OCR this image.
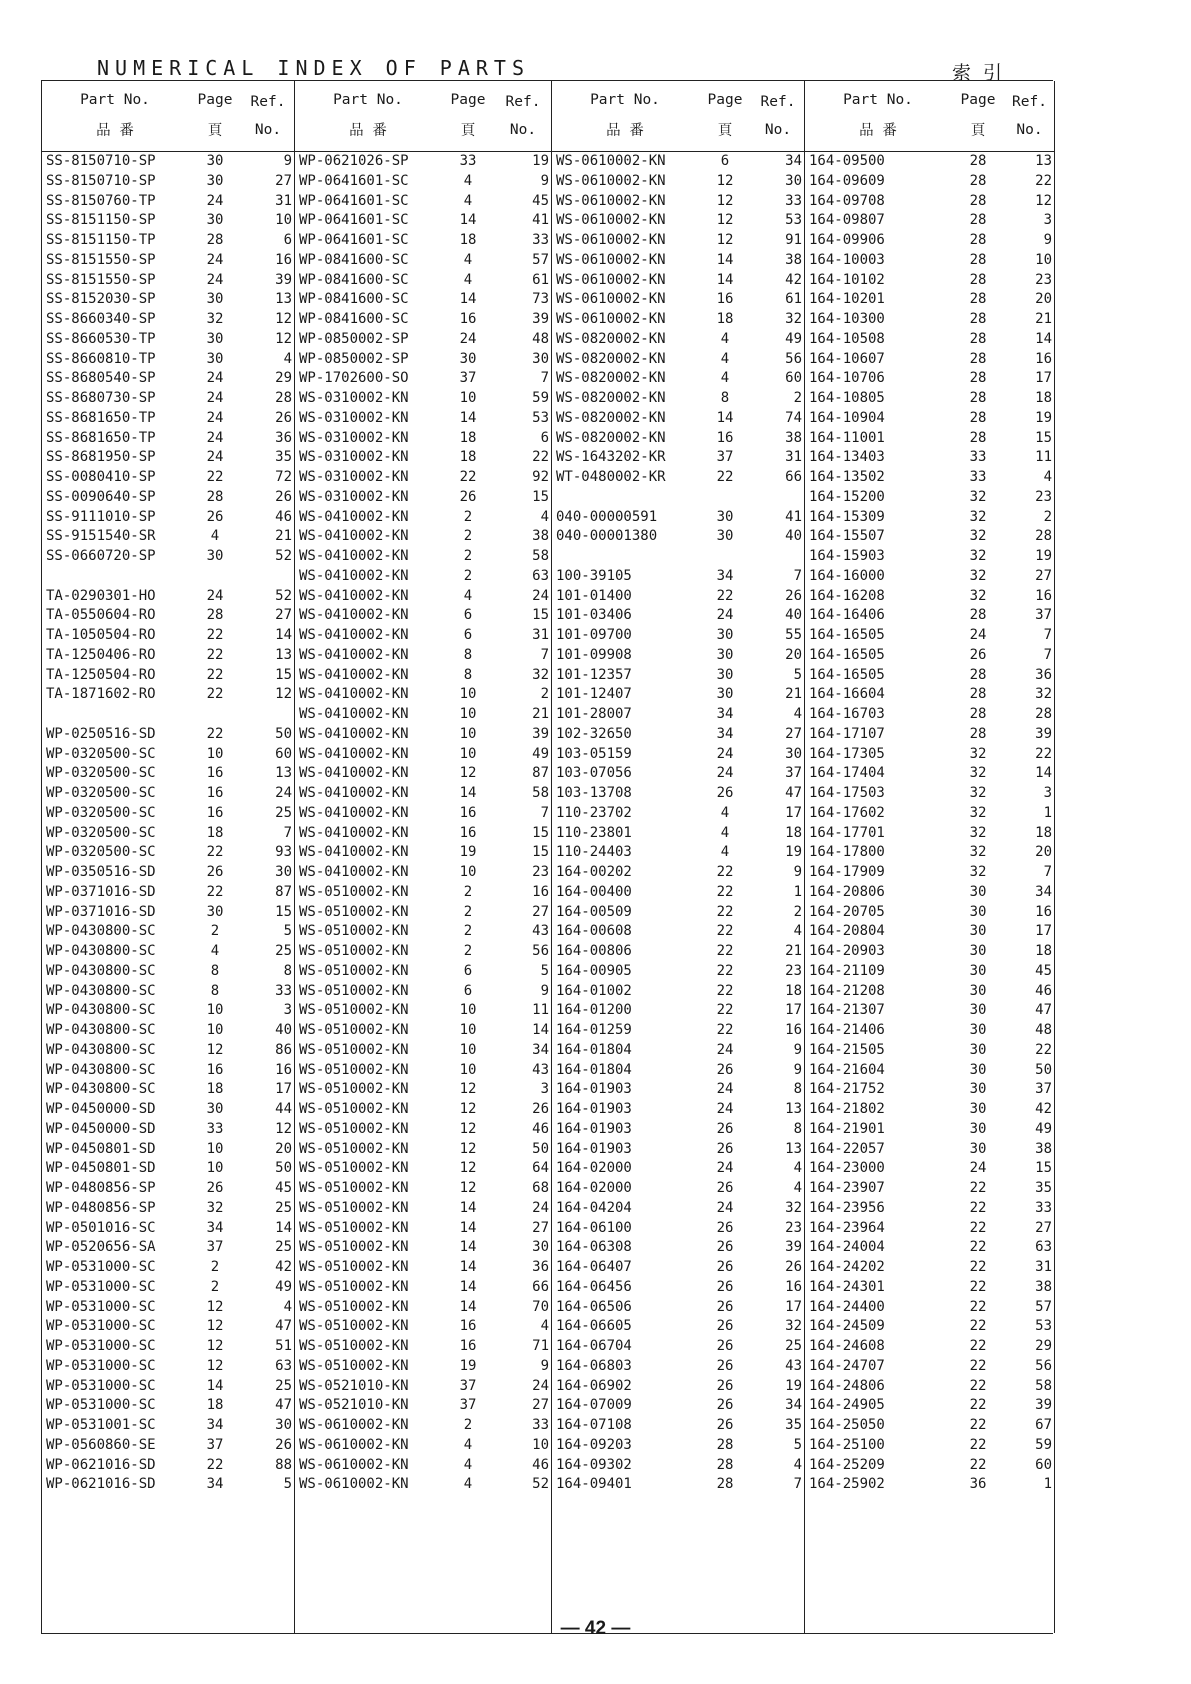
NUMERICAL INDEX OF PARTS	索引
Part No.
品 番
Page
頁
Ref.
No.
SS-8150710-SP	30	9
SS-8150710-SP	30	27
SS-8150760-TP	24	31
SS-8151150-SP	30	10
SS-8151150-TP	28	6
SS-8151550-SP	24	16
SS-8151550-SP	24	39
SS-8152030-SP	30	13
SS-8660340-SP	32	12
SS-8660530-TP	30	12
SS-8660810-TP	30	4
SS-8680540-SP	24	29
SS-8680730-SP	24	28
SS-8681650-TP	24	26
SS-8681650-TP	24	36
SS-8681950-SP	24	35
SS-0080410-SP	22	72
SS-0090640-SP	28	26
SS-9111010-SP	26	46
SS-9151540-SR	4	21
SS-0660720-SP	30	52
TA-0290301-HO	24	52
TA-0550604-RO	28	27
TA-1050504-RO	22	14
TA-1250406-RO	22	13
TA-1250504-RO	22	15
TA-1871602-RO	22	12
WP-0250516-SD	22	50
WP-0320500-SC	10	60
WP-0320500-SC	16	13
WP-0320500-SC	16	24
WP-0320500-SC	16	25
WP-0320500-SC	18	7
WP-0320500-SC	22	93
WP-0350516-SD	26	30
WP-0371016-SD	22	87
WP-0371016-SD	30	15
WP-0430800-SC	2	5
WP-0430800-SC	4	25
WP-0430800-SC	8	8
WP-0430800-SC	8	33
WP-0430800-SC	10	3
WP-0430800-SC	10	40
WP-0430800-SC	12	86
WP-0430800-SC	16	16
WP-0430800-SC	18	17
WP-0450000-SD	30	44
WP-0450000-SD	33	12
WP-0450801-SD	10	20
WP-0450801-SD	10	50
WP-0480856-SP	26	45
WP-0480856-SP	32	25
WP-0501016-SC	34	14
WP-0520656-SA	37	25
WP-0531000-SC	2	42
WP-0531000-SC	2	49
WP-0531000-SC	12	4
WP-0531000-SC	12	47
WP-0531000-SC	12	51
WP-0531000-SC	12	63
WP-0531000-SC	14	25
WP-0531000-SC	18	47
WP-0531001-SC	34	30
WP-0560860-SE	37	26
WP-0621016-SD	22	88
WP-0621016-SD	34	5
Part No.
品 番
Page
頁
Ref.
No.
WP-0621026-SP	33	19
WP-0641601-SC	4	9
WP-0641601-SC	4	45
WP-0641601-SC	14	41
WP-0641601-SC	18	33
WP-0841600-SC	4	57
WP-0841600-SC	4	61
WP-0841600-SC	14	73
WP-0841600-SC	16	39
WP-0850002-SP	24	48
WP-0850002-SP	30	30
WP-1702600-SO	37	7
WS-0310002-KN	10	59
WS-0310002-KN	14	53
WS-0310002-KN	18	6
WS-0310002-KN	18	22
WS-0310002-KN	22	92
WS-0310002-KN	26	15
WS-0410002-KN	2	4
WS-0410002-KN	2	38
WS-0410002-KN	2	58
WS-0410002-KN	2	63
WS-0410002-KN	4	24
WS-0410002-KN	6	15
WS-0410002-KN	6	31
WS-0410002-KN	8	7
WS-0410002-KN	8	32
WS-0410002-KN	10	2
WS-0410002-KN	10	21
WS-0410002-KN	10	39
WS-0410002-KN	10	49
WS-0410002-KN	12	87
WS-0410002-KN	14	58
WS-0410002-KN	16	7
WS-0410002-KN	16	15
WS-0410002-KN	19	15
WS-0410002-KN	10	23
WS-0510002-KN	2	16
WS-0510002-KN	2	27
WS-0510002-KN	2	43
WS-0510002-KN	2	56
WS-0510002-KN	6	5
WS-0510002-KN	6	9
WS-0510002-KN	10	11
WS-0510002-KN	10	14
WS-0510002-KN	10	34
WS-0510002-KN	10	43
WS-0510002-KN	12	3
WS-0510002-KN	12	26
WS-0510002-KN	12	46
WS-0510002-KN	12	50
WS-0510002-KN	12	64
WS-0510002-KN	12	68
WS-0510002-KN	14	24
WS-0510002-KN	14	27
WS-0510002-KN	14	30
WS-0510002-KN	14	36
WS-0510002-KN	14	66
WS-0510002-KN	14	70
WS-0510002-KN	16	4
WS-0510002-KN	16	71
WS-0510002-KN	19	9
WS-0521010-KN	37	24
WS-0521010-KN	37	27
WS-0610002-KN	2	33
WS-0610002-KN	4	10
WS-0610002-KN	4	46
WS-0610002-KN	4	52
Part No.
品 番
Page
頁
Ref.
No.
WS-0610002-KN	6	34
WS-0610002-KN	12	30
WS-0610002-KN	12	33
WS-0610002-KN	12	53
WS-0610002-KN	12	91
WS-0610002-KN	14	38
WS-0610002-KN	14	42
WS-0610002-KN	16	61
WS-0610002-KN	18	32
WS-0820002-KN	4	49
WS-0820002-KN	4	56
WS-0820002-KN	4	60
WS-0820002-KN	8	2
WS-0820002-KN	14	74
WS-0820002-KN	16	38
WS-1643202-KR	37	31
WT-0480002-KR	22	66
040-00000591	30	41
040-00001380	30	40
100-39105	34	7
101-01400	22	26
101-03406	24	40
101-09700	30	55
101-09908	30	20
101-12357	30	5
101-12407	30	21
101-28007	34	4
102-32650	34	27
103-05159	24	30
103-07056	24	37
103-13708	26	47
110-23702	4	17
110-23801	4	18
110-24403	4	19
164-00202	22	9
164-00400	22	1
164-00509	22	2
164-00608	22	4
164-00806	22	21
164-00905	22	23
164-01002	22	18
164-01200	22	17
164-01259	22	16
164-01804	24	9
164-01804	26	9
164-01903	24	8
164-01903	24	13
164-01903	26	8
164-01903	26	13
164-02000	24	4
164-02000	26	4
164-04204	24	32
164-06100	26	23
164-06308	26	39
164-06407	26	26
164-06456	26	16
164-06506	26	17
164-06605	26	32
164-06704	26	25
164-06803	26	43
164-06902	26	19
164-07009	26	34
164-07108	26	35
164-09203	28	5
164-09302	28	4
164-09401	28	7
Part No.
品 番
Page
頁
Ref.
No.
164-09500	28	13
164-09609	28	22
164-09708	28	12
164-09807	28	3
164-09906	28	9
164-10003	28	10
164-10102	28	23
164-10201	28	20
164-10300	28	21
164-10508	28	14
164-10607	28	16
164-10706	28	17
164-10805	28	18
164-10904	28	19
164-11001	28	15
164-13403	33	11
164-13502	33	4
164-15200	32	23
164-15309	32	2
164-15507	32	28
164-15903	32	19
164-16000	32	27
164-16208	32	16
164-16406	28	37
164-16505	24	7
164-16505	26	7
164-16505	28	36
164-16604	28	32
164-16703	28	28
164-17107	28	39
164-17305	32	22
164-17404	32	14
164-17503	32	3
164-17602	32	1
164-17701	32	18
164-17800	32	20
164-17909	32	7
164-20806	30	34
164-20705	30	16
164-20804	30	17
164-20903	30	18
164-21109	30	45
164-21208	30	46
164-21307	30	47
164-21406	30	48
164-21505	30	22
164-21604	30	50
164-21752	30	37
164-21802	30	42
164-21901	30	49
164-22057	30	38
164-23000	24	15
164-23907	22	35
164-23956	22	33
164-23964	22	27
164-24004	22	63
164-24202	22	31
164-24301	22	38
164-24400	22	57
164-24509	22	53
164-24608	22	29
164-24707	22	56
164-24806	22	58
164-24905	22	39
164-25050	22	67
164-25100	22	59
164-25209	22	60
164-25902	36	1
— 42 —
